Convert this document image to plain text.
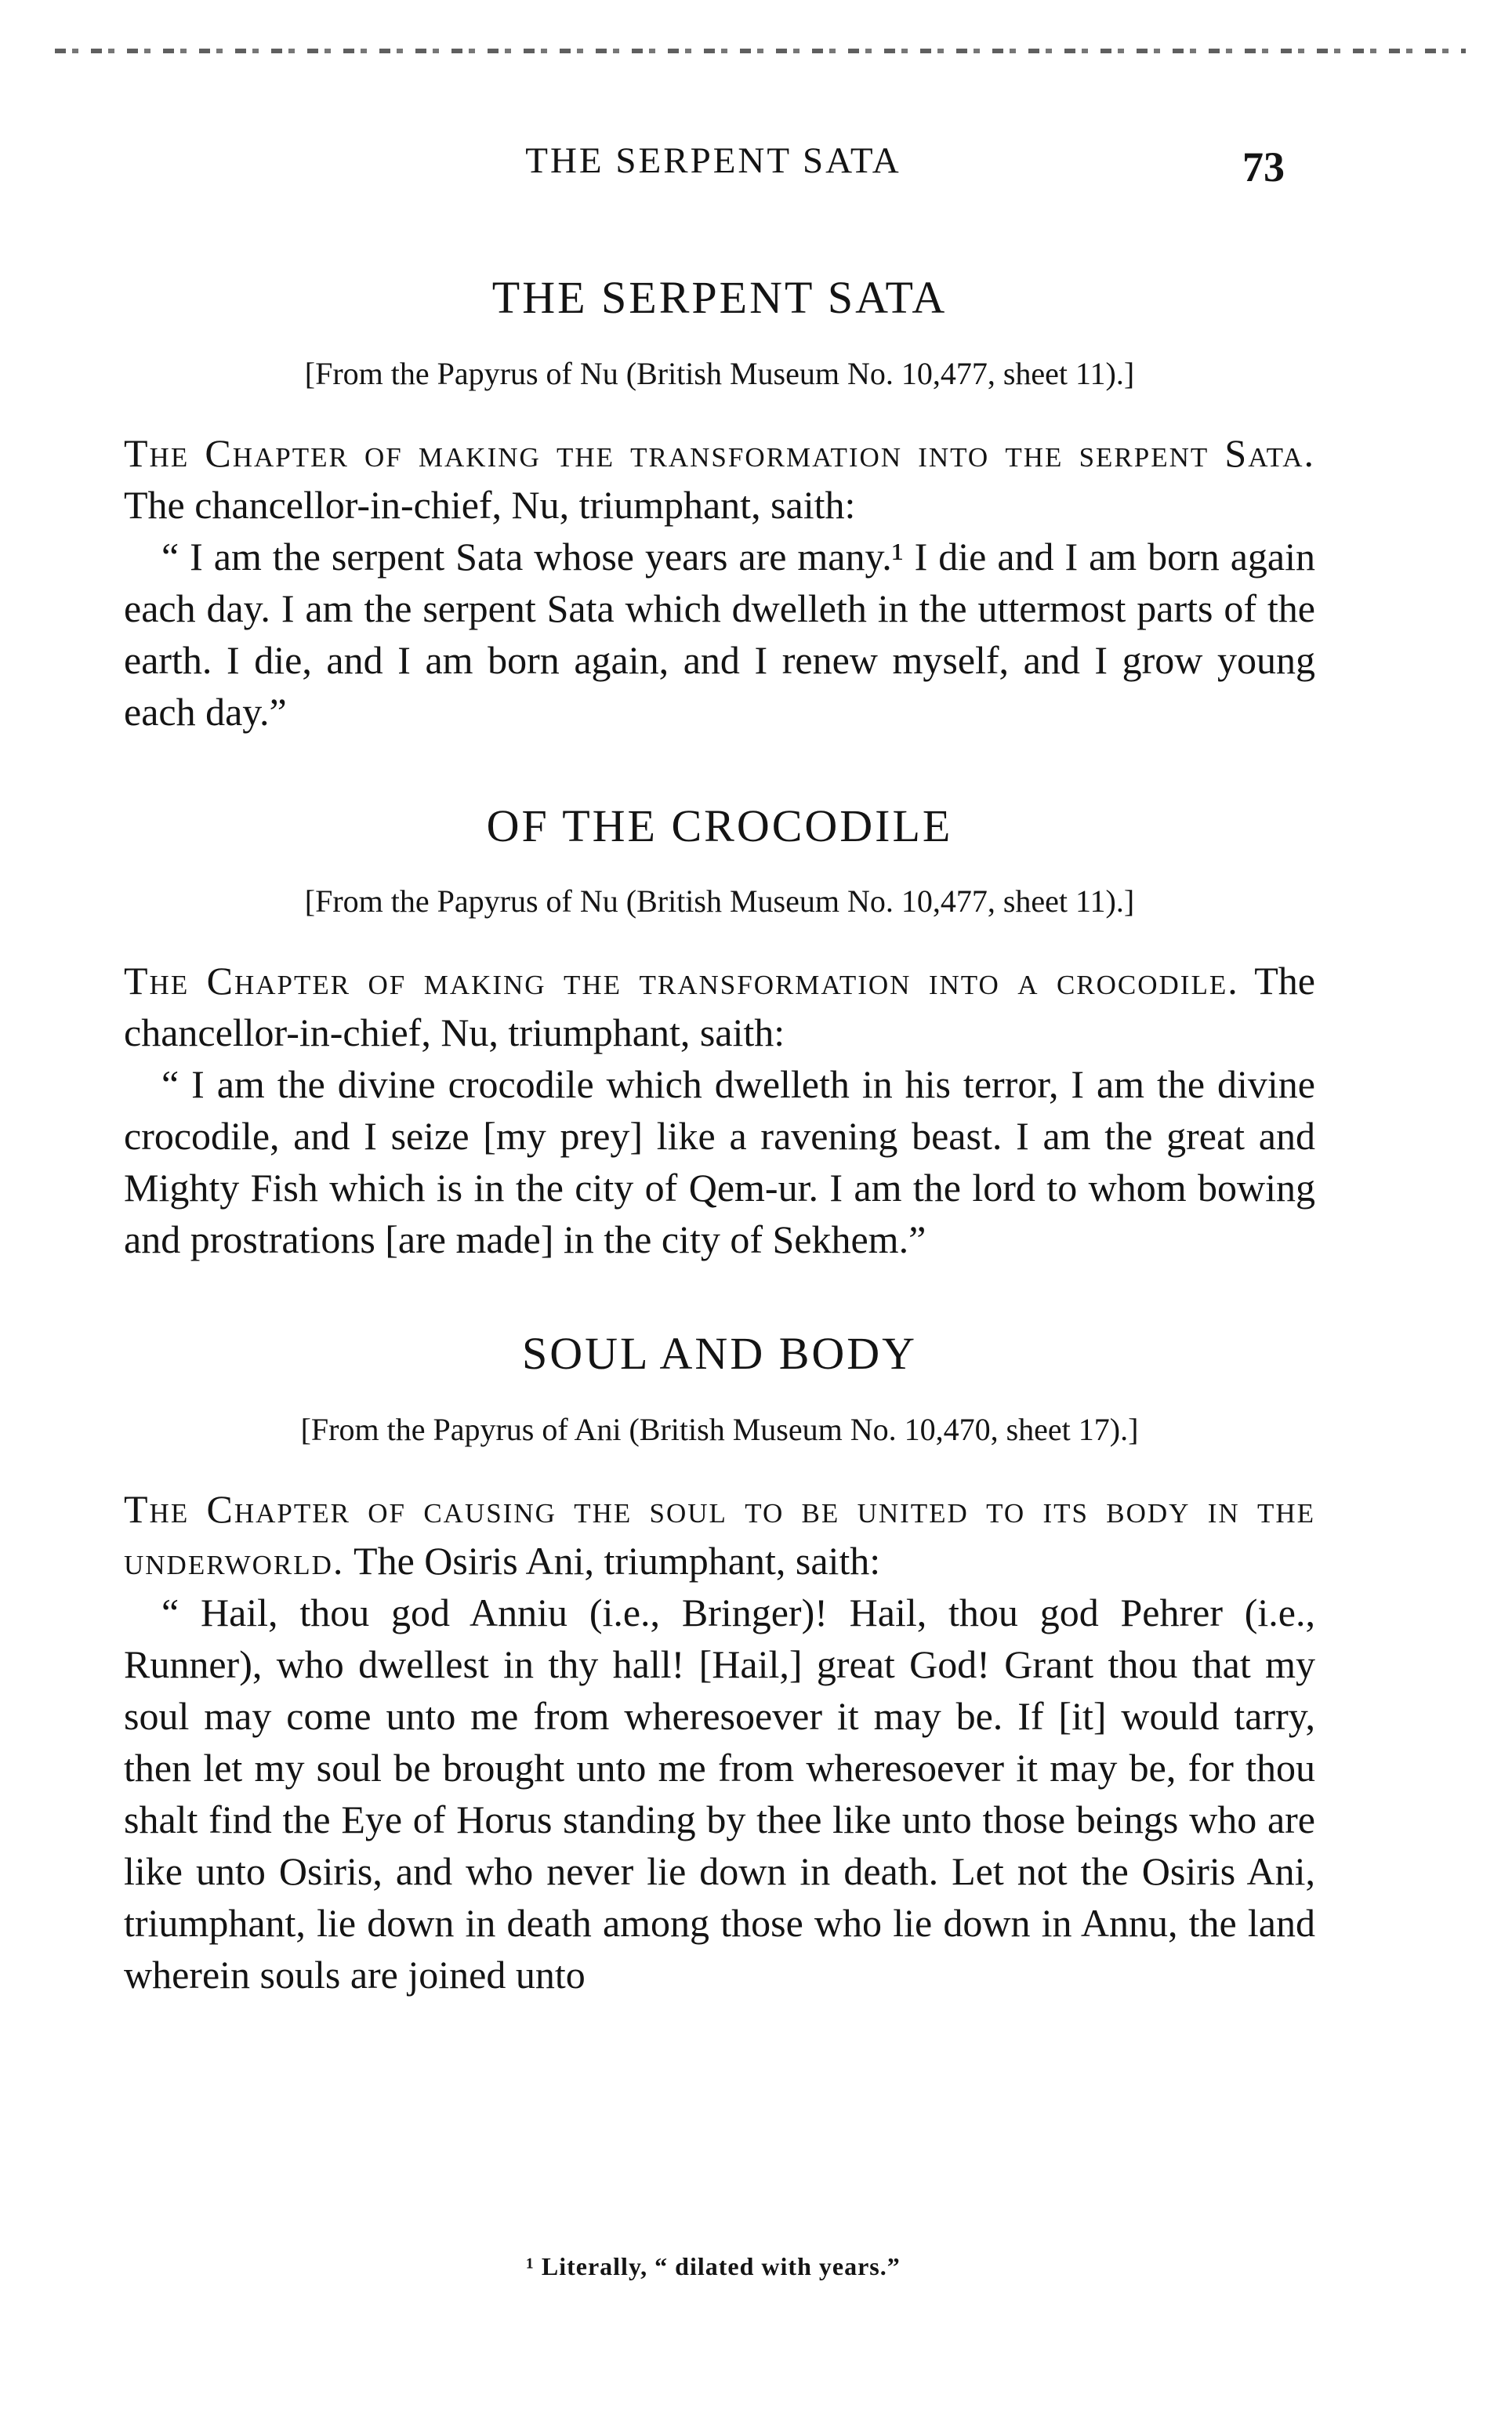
THE SERPENT SATA	73
THE SERPENT SATA

[From the Papyrus of Nu (British Museum No. 10,477, sheet 11).]

The Chapter of making the transformation into the serpent Sata. The chancellor-in-chief, Nu, triumphant, saith:

“ I am the serpent Sata whose years are many.¹ I die and I am born again each day. I am the serpent Sata which dwelleth in the uttermost parts of the earth. I die, and I am born again, and I renew myself, and I grow young each day.”

OF THE CROCODILE

[From the Papyrus of Nu (British Museum No. 10,477, sheet 11).]

The Chapter of making the transformation into a crocodile. The chancellor-in-chief, Nu, triumphant, saith:

“ I am the divine crocodile which dwelleth in his terror, I am the divine crocodile, and I seize [my prey] like a ravening beast. I am the great and Mighty Fish which is in the city of Qem-ur. I am the lord to whom bowing and prostrations [are made] in the city of Sekhem.”

SOUL AND BODY

[From the Papyrus of Ani (British Museum No. 10,470, sheet 17).]

The Chapter of causing the soul to be united to its body in the underworld. The Osiris Ani, triumphant, saith:

“ Hail, thou god Anniu (i.e., Bringer)! Hail, thou god Pehrer (i.e., Runner), who dwellest in thy hall! [Hail,] great God! Grant thou that my soul may come unto me from wheresoever it may be. If [it] would tarry, then let my soul be brought unto me from wheresoever it may be, for thou shalt find the Eye of Horus standing by thee like unto those beings who are like unto Osiris, and who never lie down in death. Let not the Osiris Ani, triumphant, lie down in death among those who lie down in Annu, the land wherein souls are joined unto

¹ Literally, “ dilated with years.”
